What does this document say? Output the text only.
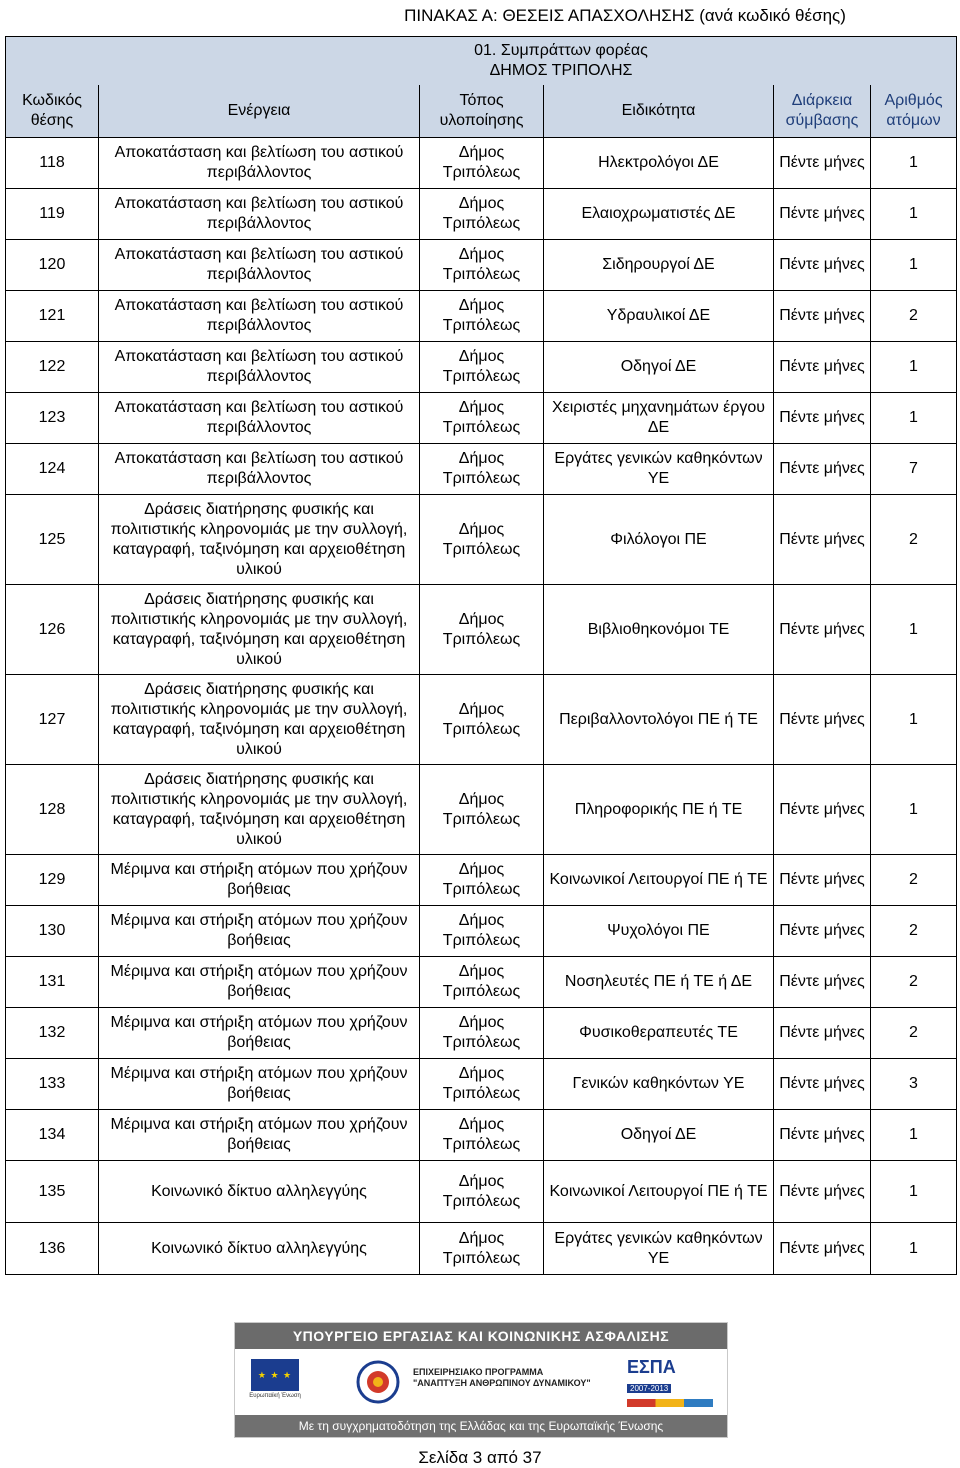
ΠΙΝΑΚΑΣ Α: ΘΕΣΕΙΣ ΑΠΑΣΧΟΛΗΣΗΣ (ανά κωδικό θέσης)
01. Συμπράττων φορέας
ΔΗΜΟΣ ΤΡΙΠΟΛΗΣ					

Κωδικός θέσης	Ενέργεια	Τόπος υλοποίησης	Ειδικότητα	Διάρκεια σύμβασης	Αριθμός ατόμων
118	Αποκατάσταση και βελτίωση του αστικού περιβάλλοντος	Δήμος Τριπόλεως	Ηλεκτρολόγοι ΔΕ	Πέντε μήνες	1
119	Αποκατάσταση και βελτίωση του αστικού περιβάλλοντος	Δήμος Τριπόλεως	Ελαιοχρωματιστές ΔΕ	Πέντε μήνες	1
120	Αποκατάσταση και βελτίωση του αστικού περιβάλλοντος	Δήμος Τριπόλεως	Σιδηρουργοί ΔΕ	Πέντε μήνες	1
121	Αποκατάσταση και βελτίωση του αστικού περιβάλλοντος	Δήμος Τριπόλεως	Υδραυλικοί ΔΕ	Πέντε μήνες	2
122	Αποκατάσταση και βελτίωση του αστικού περιβάλλοντος	Δήμος Τριπόλεως	Οδηγοί ΔΕ	Πέντε μήνες	1
123	Αποκατάσταση και βελτίωση του αστικού περιβάλλοντος	Δήμος Τριπόλεως	Χειριστές μηχανημάτων έργου ΔΕ	Πέντε μήνες	1
124	Αποκατάσταση και βελτίωση του αστικού περιβάλλοντος	Δήμος Τριπόλεως	Εργάτες γενικών καθηκόντων ΥΕ	Πέντε μήνες	7
125	Δράσεις διατήρησης φυσικής και πολιτιστικής κληρονομιάς με την συλλογή, καταγραφή, ταξινόμηση και αρχειοθέτηση υλικού	Δήμος Τριπόλεως	Φιλόλογοι ΠΕ	Πέντε μήνες	2
126	Δράσεις διατήρησης φυσικής και πολιτιστικής κληρονομιάς με την συλλογή, καταγραφή, ταξινόμηση και αρχειοθέτηση υλικού	Δήμος Τριπόλεως	Βιβλιοθηκονόμοι ΤΕ	Πέντε μήνες	1
127	Δράσεις διατήρησης φυσικής και πολιτιστικής κληρονομιάς με την συλλογή, καταγραφή, ταξινόμηση και αρχειοθέτηση υλικού	Δήμος Τριπόλεως	Περιβαλλοντολόγοι ΠΕ ή ΤΕ	Πέντε μήνες	1
128	Δράσεις διατήρησης φυσικής και πολιτιστικής κληρονομιάς με την συλλογή, καταγραφή, ταξινόμηση και αρχειοθέτηση υλικού	Δήμος Τριπόλεως	Πληροφορικής ΠΕ ή ΤΕ	Πέντε μήνες	1
129	Μέριμνα και στήριξη ατόμων που χρήζουν βοήθειας	Δήμος Τριπόλεως	Κοινωνικοί Λειτουργοί ΠΕ ή ΤΕ	Πέντε μήνες	2
130	Μέριμνα και στήριξη ατόμων που χρήζουν βοήθειας	Δήμος Τριπόλεως	Ψυχολόγοι ΠΕ	Πέντε μήνες	2
131	Μέριμνα και στήριξη ατόμων που χρήζουν βοήθειας	Δήμος Τριπόλεως	Νοσηλευτές ΠΕ ή ΤΕ ή ΔΕ	Πέντε μήνες	2
132	Μέριμνα και στήριξη ατόμων που χρήζουν βοήθειας	Δήμος Τριπόλεως	Φυσικοθεραπευτές ΤΕ	Πέντε μήνες	2
133	Μέριμνα και στήριξη ατόμων που χρήζουν βοήθειας	Δήμος Τριπόλεως	Γενικών καθηκόντων ΥΕ	Πέντε μήνες	3
134	Μέριμνα και στήριξη ατόμων που χρήζουν βοήθειας	Δήμος Τριπόλεως	Οδηγοί ΔΕ	Πέντε μήνες	1
135	Κοινωνικό δίκτυο αλληλεγγύης	Δήμος Τριπόλεως	Κοινωνικοί Λειτουργοί ΠΕ ή ΤΕ	Πέντε μήνες	1
136	Κοινωνικό δίκτυο αλληλεγγύης	Δήμος Τριπόλεως	Εργάτες γενικών καθηκόντων ΥΕ	Πέντε μήνες	1
ΥΠΟΥΡΓΕΙΟ ΕΡΓΑΣΙΑΣ ΚΑΙ ΚΟΙΝΩΝΙΚΗΣ ΑΣΦΑΛΙΣΗΣ
★ ★ ★
Ευρωπαϊκή Ένωση
ΕΠΙΧΕΙΡΗΣΙΑΚΟ ΠΡΟΓΡΑΜΜΑ
"ΑΝΑΠΤΥΞΗ ΑΝΘΡΩΠΙΝΟΥ ΔΥΝΑΜΙΚΟΥ"
ΕΣΠΑ
2007-2013
Με τη συγχρηματοδότηση της Ελλάδας και της Ευρωπαϊκής Ένωσης
Σελίδα 3 από 37
